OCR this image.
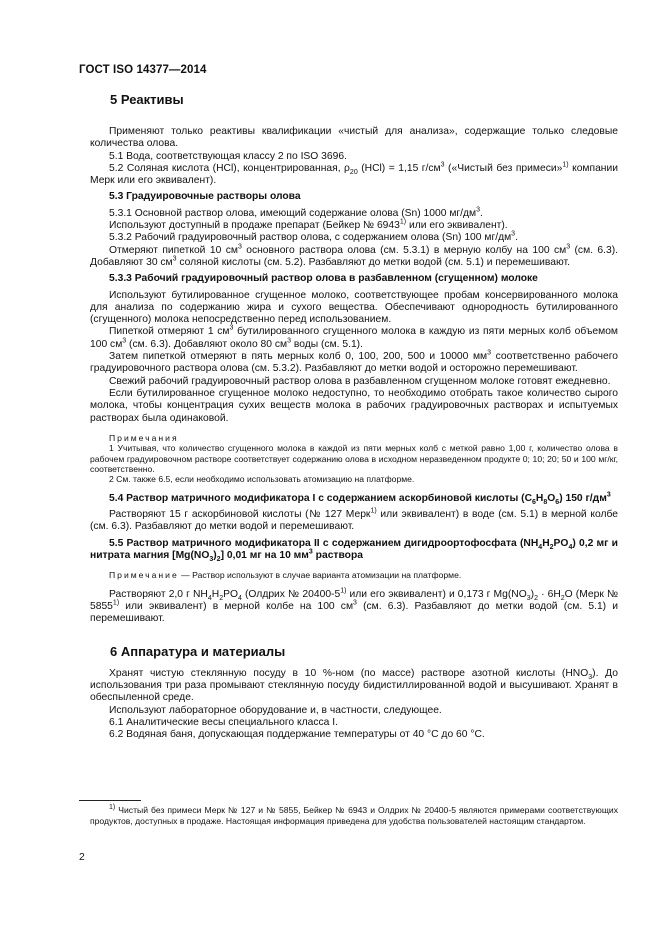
ГОСТ ISO 14377—2014
5 Реактивы

Применяют только реактивы квалификации «чистый для анализа», содержащие только следовые количества олова.

5.1 Вода, соответствующая классу 2 по ISO 3696.

5.2 Соляная кислота (HCl), концентрированная, $\rho_{20}$ (HCl) = 1,15 $г/см^3$ («Чистый без примеси»$^{1)}$ компании Мерк или его эквивалент).

5.3 Градуировочные растворы олова

5.3.1 Основной раствор олова, имеющий содержание олова (Sn) 1000 $мг/дм^3$.

Используют доступный в продаже препарат (Бейкер № 6943$^{1)}$ или его эквивалент).

5.3.2 Рабочий градуировочный раствор олова, с содержанием олова (Sn) 100 $мг/дм^3$.

Отмеряют пипеткой 10 $см^3$ основного раствора олова (см. 5.3.1) в мерную колбу на 100 $см^3$ (см. 6.3). Добавляют 30 $см^3$ соляной кислоты (см. 5.2). Разбавляют до метки водой (см. 5.1) и перемешивают.

5.3.3 Рабочий градуировочный раствор олова в разбавленном (сгущенном) молоке

Используют бутилированное сгущенное молоко, соответствующее пробам консервированного молока для анализа по содержанию жира и сухого вещества. Обеспечивают однородность бутилированного (сгущенного) молока непосредственно перед использованием.

Пипеткой отмеряют 1 $см^3$ бутилированного сгущенного молока в каждую из пяти мерных колб объемом 100 $см^3$ (см. 6.3). Добавляют около 80 $см^3$ воды (см. 5.1).

Затем пипеткой отмеряют в пять мерных колб 0, 100, 200, 500 и 10000 $мм^3$ соответственно рабочего градуировочного раствора олова (см. 5.3.2). Разбавляют до метки водой и осторожно перемешивают.

Свежий рабочий градуировочный раствор олова в разбавленном сгущенном молоке готовят ежедневно.

Если бутилированное сгущенное молоко недоступно, то необходимо отобрать такое количество сырого молока, чтобы концентрация сухих веществ молока в рабочих градуировочных растворах и испытуемых растворах была одинаковой.

Примечания

1 Учитывая, что количество сгущенного молока в каждой из пяти мерных колб с меткой равно 1,00 г, количество олова в рабочем градуировочном растворе соответствует содержанию олова в исходном неразведенном продукте 0; 10; 20; 50 и 100 мг/кг, соответственно.

2 См. также 6.5, если необходимо использовать атомизацию на платформе.

5.4 Раствор матричного модификатора I с содержанием аскорбиновой кислоты $(C_6H_8O_6)$ 150 $г/дм^3$

Растворяют 15 г аскорбиновой кислоты (№ 127 Мерк$^{1)}$ или эквивалент) в воде (см. 5.1) в мерной колбе (см. 6.3). Разбавляют до метки водой и перемешивают.

5.5 Раствор матричного модификатора II с содержанием дигидроортофосфата $(NH_4H_2PO_4)$ 0,2 мг и нитрата магния $[Mg(NO_3)_2]$ 0,01 мг на 10 $мм^3$ раствора

Примечание — Раствор используют в случае варианта атомизации на платформе.

Растворяют 2,0 г $NH_4H_2PO_4$ (Олдрих № 20400-5$^{1)}$ или его эквивалент) и 0,173 г $Mg(NO_3)_2 \cdot 6H_2O$ (Мерк № 5855$^{1)}$ или эквивалент) в мерной колбе на 100 $см^3$ (см. 6.3). Разбавляют до метки водой (см. 5.1) и перемешивают.

6 Аппаратура и материалы

Хранят чистую стеклянную посуду в 10 %-ном (по массе) растворе азотной кислоты $(HNO_3)$. До использования три раза промывают стеклянную посуду бидистиллированной водой и высушивают. Хранят в обеспыленной среде.

Используют лабораторное оборудование и, в частности, следующее.

6.1 Аналитические весы специального класса I.

6.2 Водяная баня, допускающая поддержание температуры от 40 °С до 60 °С.

$^{1)}$ Чистый без примеси Мерк № 127 и № 5855, Бейкер № 6943 и Олдрих № 20400-5 являются примерами соответствующих продуктов, доступных в продаже. Настоящая информация приведена для удобства пользователей настоящим стандартом.

2
